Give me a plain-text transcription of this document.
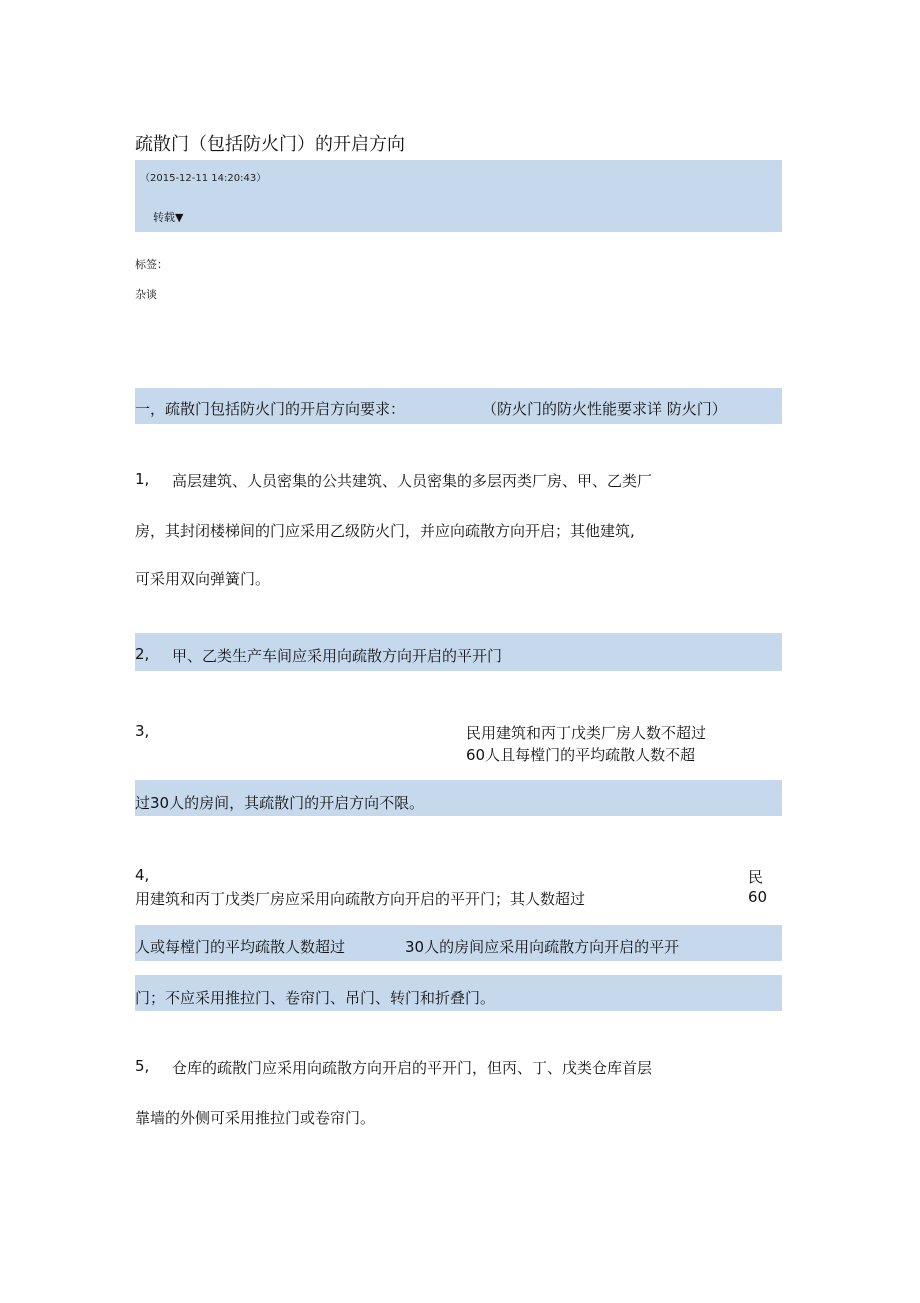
疏散门（包括防火门）的开启方向
（2015-12-11 14:20:43）
转载▼
标签：
杂谈
一，疏散门包括防火门的开启方向要求：	（防火门的防火性能要求详 防火门）
1, 高层建筑、人员密集的公共建筑、人员密集的多层丙类厂房、甲、乙类厂
房，其封闭楼梯间的门应采用乙级防火门，并应向疏散方向开启；其他建筑,
可采用双向弹簧门。
2, 甲、乙类生产车间应采用向疏散方向开启的平开门
3,	民用建筑和丙丁戊类厂房人数不超过
60人且每樘门的平均疏散人数不超
过30人的房间，其疏散门的开启方向不限。
4,	民
用建筑和丙丁戊类厂房应采用向疏散方向开启的平开门；其人数超过	60
人或每樘门的平均疏散人数超过	30人的房间应采用向疏散方向开启的平开
门；不应采用推拉门、卷帘门、吊门、转门和折叠门。
5, 仓库的疏散门应采用向疏散方向开启的平开门，但丙、丁、戊类仓库首层
靠墙的外侧可采用推拉门或卷帘门。
